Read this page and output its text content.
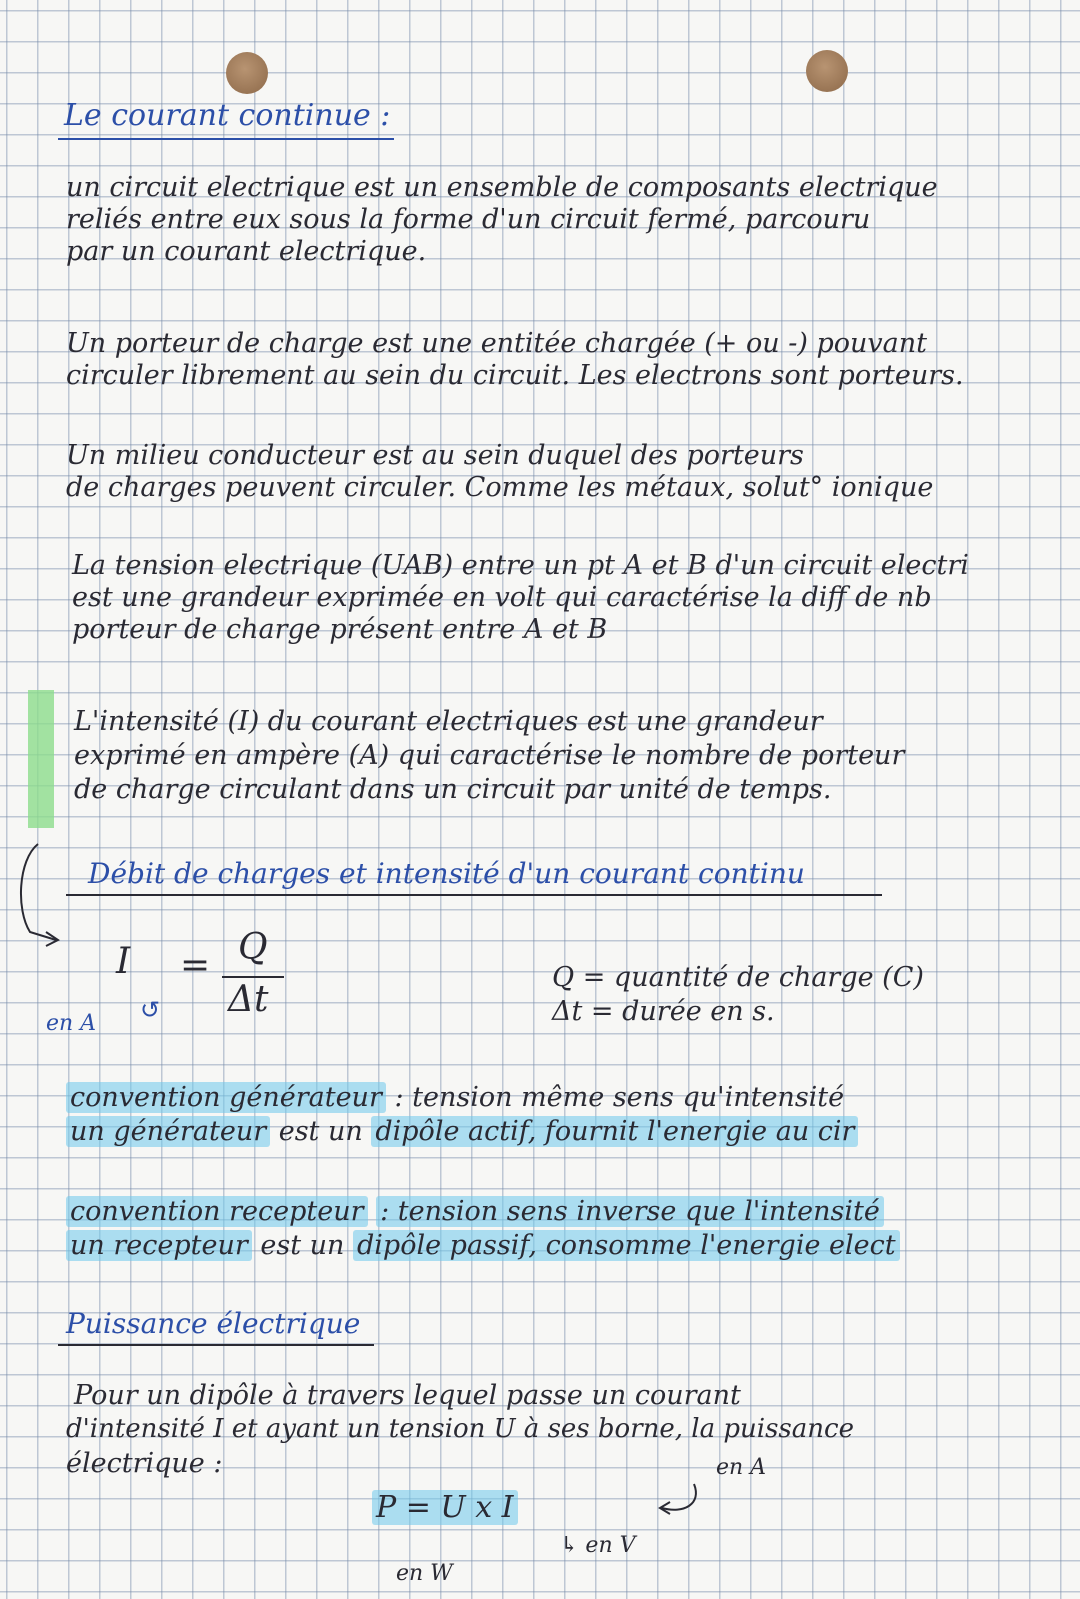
Le courant continue :

un circuit electrique est un ensemble de composants electrique

reliés entre eux sous la forme d'un circuit fermé, parcouru

par un courant electrique.

Un porteur de charge est une entitée chargée (+ ou -) pouvant

circuler librement au sein du circuit. Les electrons sont porteurs.

Un milieu conducteur est au sein duquel des porteurs

de charges peuvent circuler. Comme les métaux, solut° ionique

La tension electrique (UAB) entre un pt A et B d'un circuit electri

est une grandeur exprimée en volt qui caractérise la diff de nb

porteur de charge présent entre A et B

L'intensité (I) du courant electriques est une grandeur

exprimé en ampère (A) qui caractérise le nombre de porteur

de charge circulant dans un circuit par unité de temps.

Débit de charges et intensité d'un courant continu

I = Q

Δt

en A ↺

Q = quantité de charge (C)

Δt = durée en s.

convention générateur : tension même sens qu'intensité

un générateur est un dipôle actif, fournit l'energie au cir

convention recepteur : tension sens inverse que l'intensité

un recepteur est un dipôle passif, consomme l'energie elect

Puissance électrique

Pour un dipôle à travers lequel passe un courant

d'intensité I et ayant un tension U à ses borne, la puissance

électrique :	en A

P = U x I

en W

↳ en V
